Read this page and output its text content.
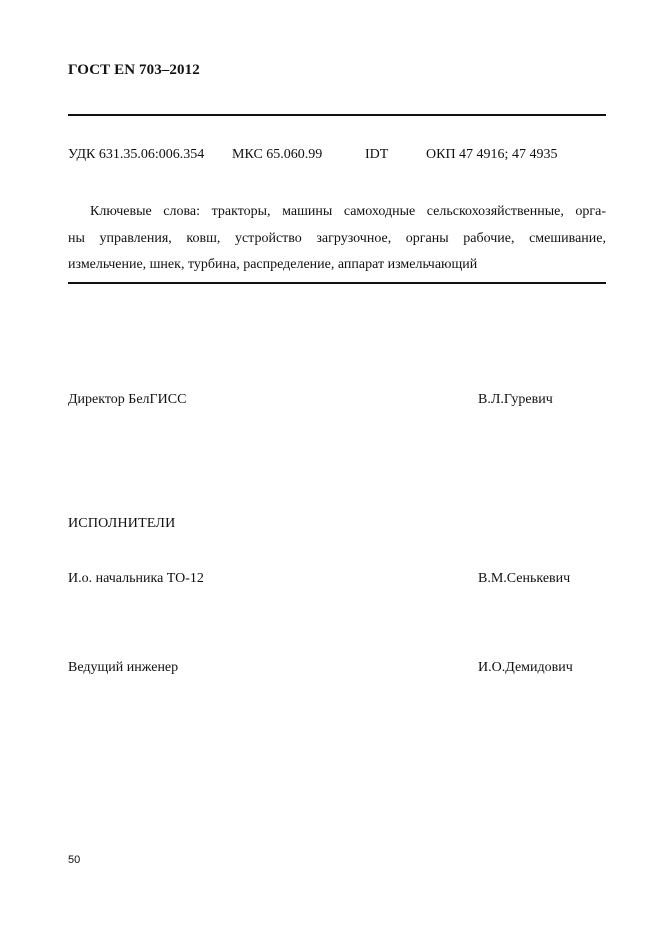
ГОСТ EN 703–2012
УДК 631.35.06:006.354 МКС 65.060.99	IDT	ОКП 47 4916; 47 4935
Ключевые слова: тракторы, машины самоходные сельскохозяйственные, орга-
ны управления, ковш, устройство загрузочное, органы рабочие, смешивание,
измельчение, шнек, турбина, распределение, аппарат измельчающий
Директор БелГИСС	В.Л.Гуревич
ИСПОЛНИТЕЛИ
И.о. начальника ТО-12	В.М.Сенькевич
Ведущий инженер	И.О.Демидович
50
